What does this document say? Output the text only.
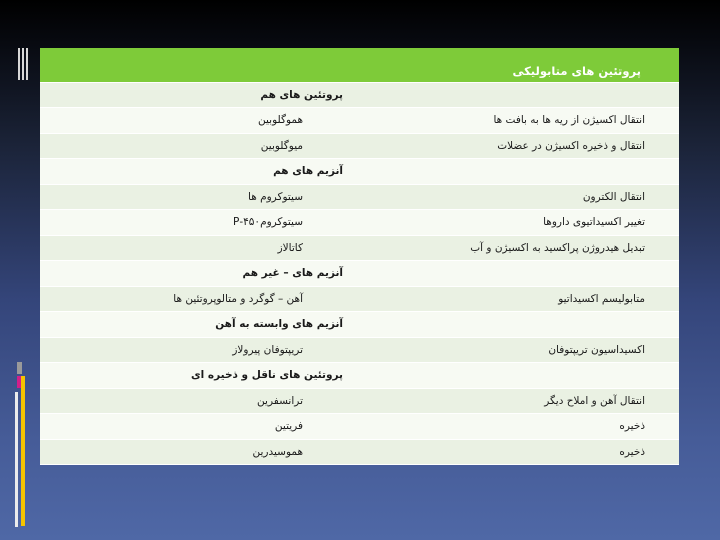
پروتئین های متابولیکی	
	پروتئین های هم
انتقال اکسیژن از ریه ها به بافت ها	هموگلوبین
انتقال و ذخیره اکسیژن در عضلات	میوگلوبین
	آنزیم های هم
انتقال الکترون	سیتوکروم ها
تغییر اکسیداتیوی داروها	سیتوکروم۴۵۰-P
تبدیل هیدروژن پراکسید به اکسیژن و آب	کاتالاز
	آنزیم های – غیر هم
متابولیسم اکسیداتیو	آهن – گوگرد و متالوپروتئین ها
	آنزیم های وابسته به آهن
اکسیداسیون تریپتوفان	تریپتوفان پیرولاز
	پروتئین های ناقل و ذخیره ای
انتقال آهن و املاح دیگر	ترانسفرین
ذخیره	فریتین
ذخیره	هموسیدرین
